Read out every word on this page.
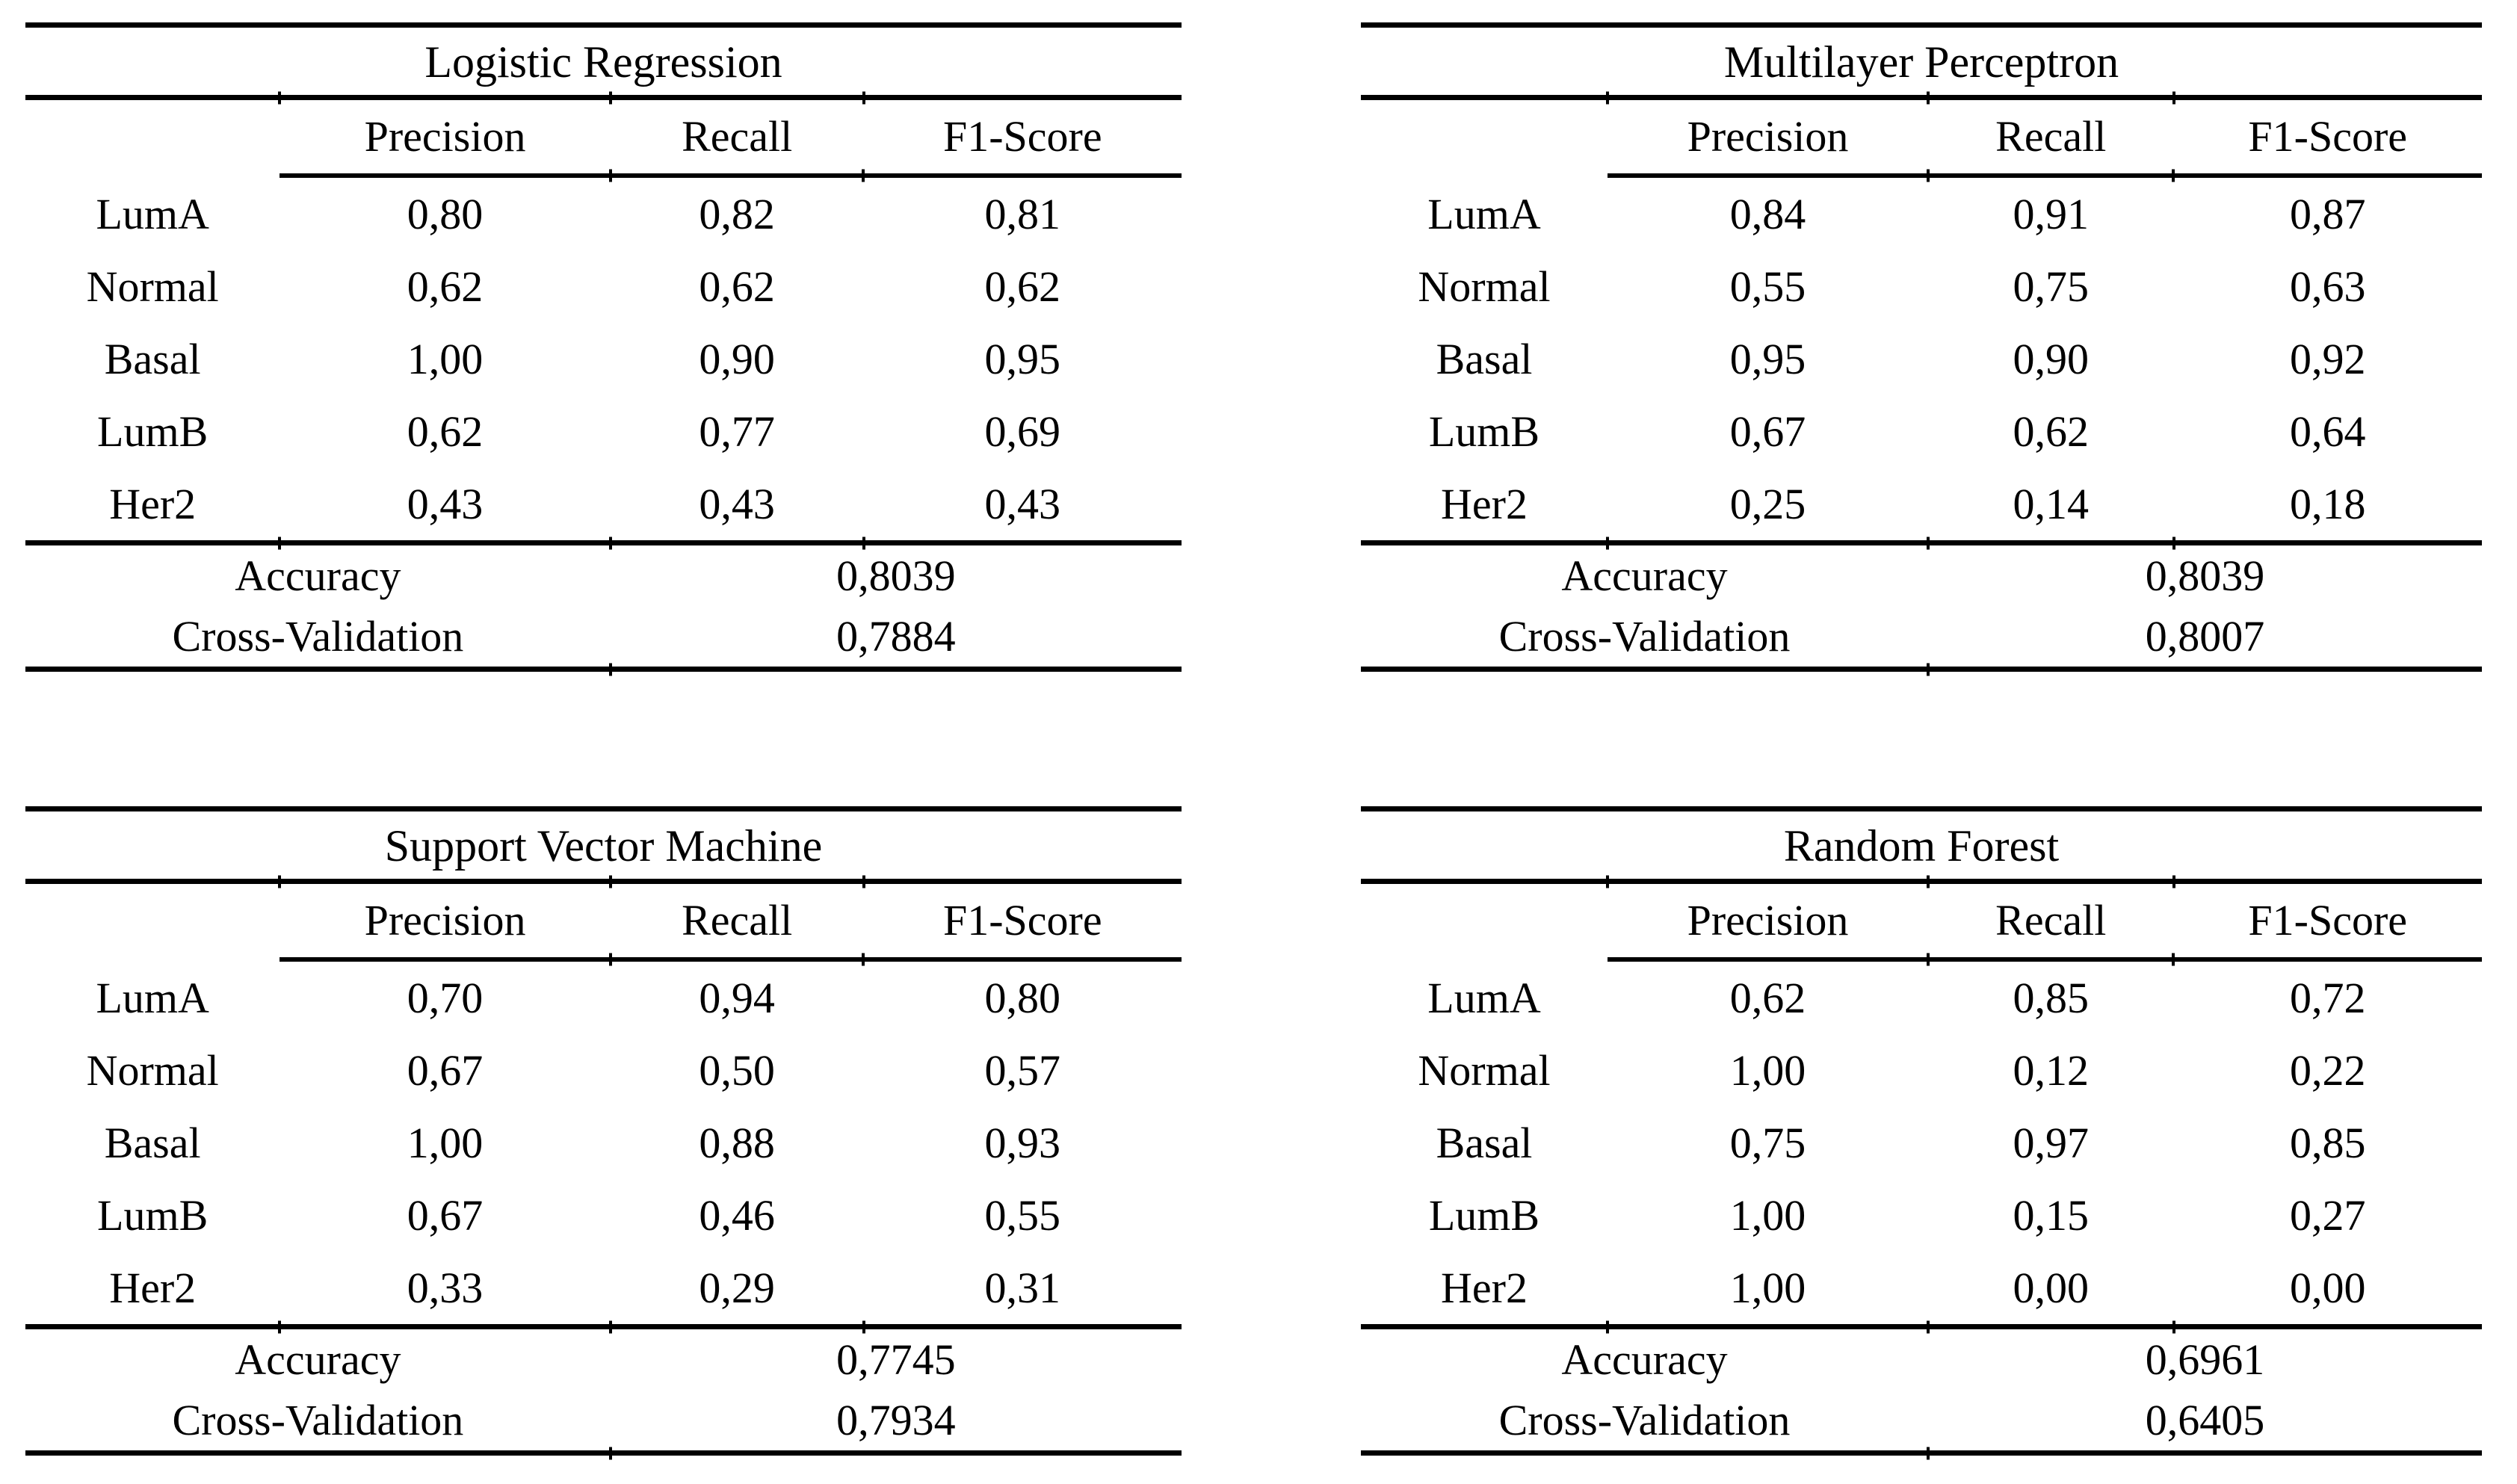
Logistic Regression
Precision	Recall	F1-Score
LumA	0,80	0,82	0,81
Normal	0,62	0,62	0,62
Basal	1,00	0,90	0,95
LumB	0,62	0,77	0,69
Her2	0,43	0,43	0,43
Accuracy	0,8039
Cross-Validation	0,7884
Multilayer Perceptron
Precision	Recall	F1-Score
LumA	0,84	0,91	0,87
Normal	0,55	0,75	0,63
Basal	0,95	0,90	0,92
LumB	0,67	0,62	0,64
Her2	0,25	0,14	0,18
Accuracy	0,8039
Cross-Validation	0,8007
Support Vector Machine
Precision	Recall	F1-Score
LumA	0,70	0,94	0,80
Normal	0,67	0,50	0,57
Basal	1,00	0,88	0,93
LumB	0,67	0,46	0,55
Her2	0,33	0,29	0,31
Accuracy	0,7745
Cross-Validation	0,7934
Random Forest
Precision	Recall	F1-Score
LumA	0,62	0,85	0,72
Normal	1,00	0,12	0,22
Basal	0,75	0,97	0,85
LumB	1,00	0,15	0,27
Her2	1,00	0,00	0,00
Accuracy	0,6961
Cross-Validation	0,6405
